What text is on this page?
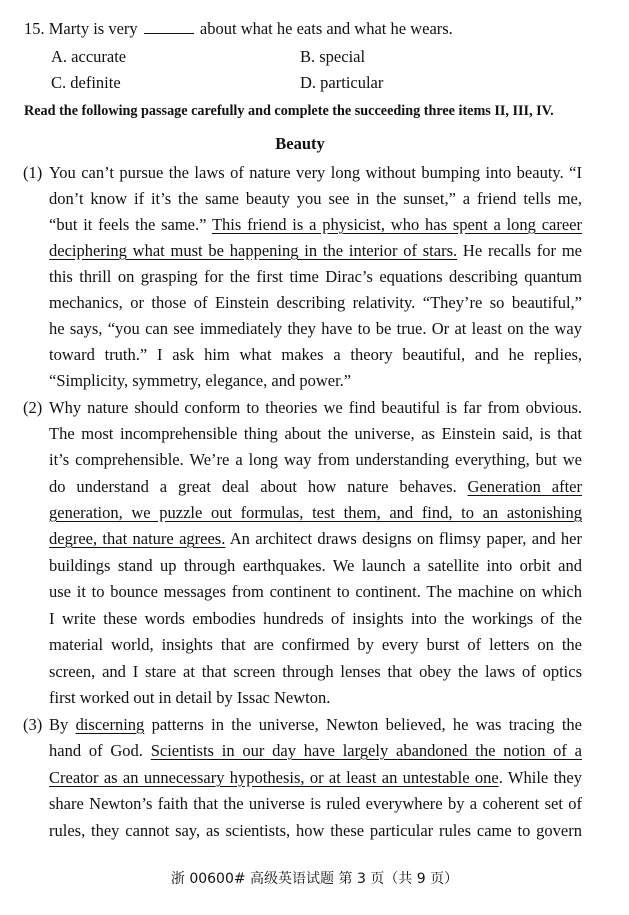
15. Marty is very	about what he eats and what he wears.
A. accurate	B. special
C. definite	D. particular
Read the following passage carefully and complete the succeeding three items II, III, IV.
Beauty
(1) You can’t pursue the laws of nature very long without bumping into beauty. “I
don’t know if it’s the same beauty you see in the sunset,” a friend tells me,
“but it feels the same.” This friend is a physicist, who has spent a long career
deciphering what must be happening in the interior of stars. He recalls for me
this thrill on grasping for the first time Dirac’s equations describing quantum
mechanics, or those of Einstein describing relativity. “They’re so beautiful,”
he says, “you can see immediately they have to be true. Or at least on the way
toward truth.” I ask him what makes a theory beautiful, and he replies,
“Simplicity, symmetry, elegance, and power.”
(2) Why nature should conform to theories we find beautiful is far from obvious.
The most incomprehensible thing about the universe, as Einstein said, is that
it’s comprehensible. We’re a long way from understanding everything, but we
do understand a great deal about how nature behaves. Generation after
generation, we puzzle out formulas, test them, and find, to an astonishing
degree, that nature agrees. An architect draws designs on flimsy paper, and her
buildings stand up through earthquakes. We launch a satellite into orbit and
use it to bounce messages from continent to continent. The machine on which
I write these words embodies hundreds of insights into the workings of the
material world, insights that are confirmed by every burst of letters on the
screen, and I stare at that screen through lenses that obey the laws of optics
first worked out in detail by Issac Newton.
(3) By discerning patterns in the universe, Newton believed, he was tracing the
hand of God. Scientists in our day have largely abandoned the notion of a
Creator as an unnecessary hypothesis, or at least an untestable one. While they
share Newton’s faith that the universe is ruled everywhere by a coherent set of
rules, they cannot say, as scientists, how these particular rules came to govern
浙 00600# 高级英语试题 第 3 页（共 9 页）
